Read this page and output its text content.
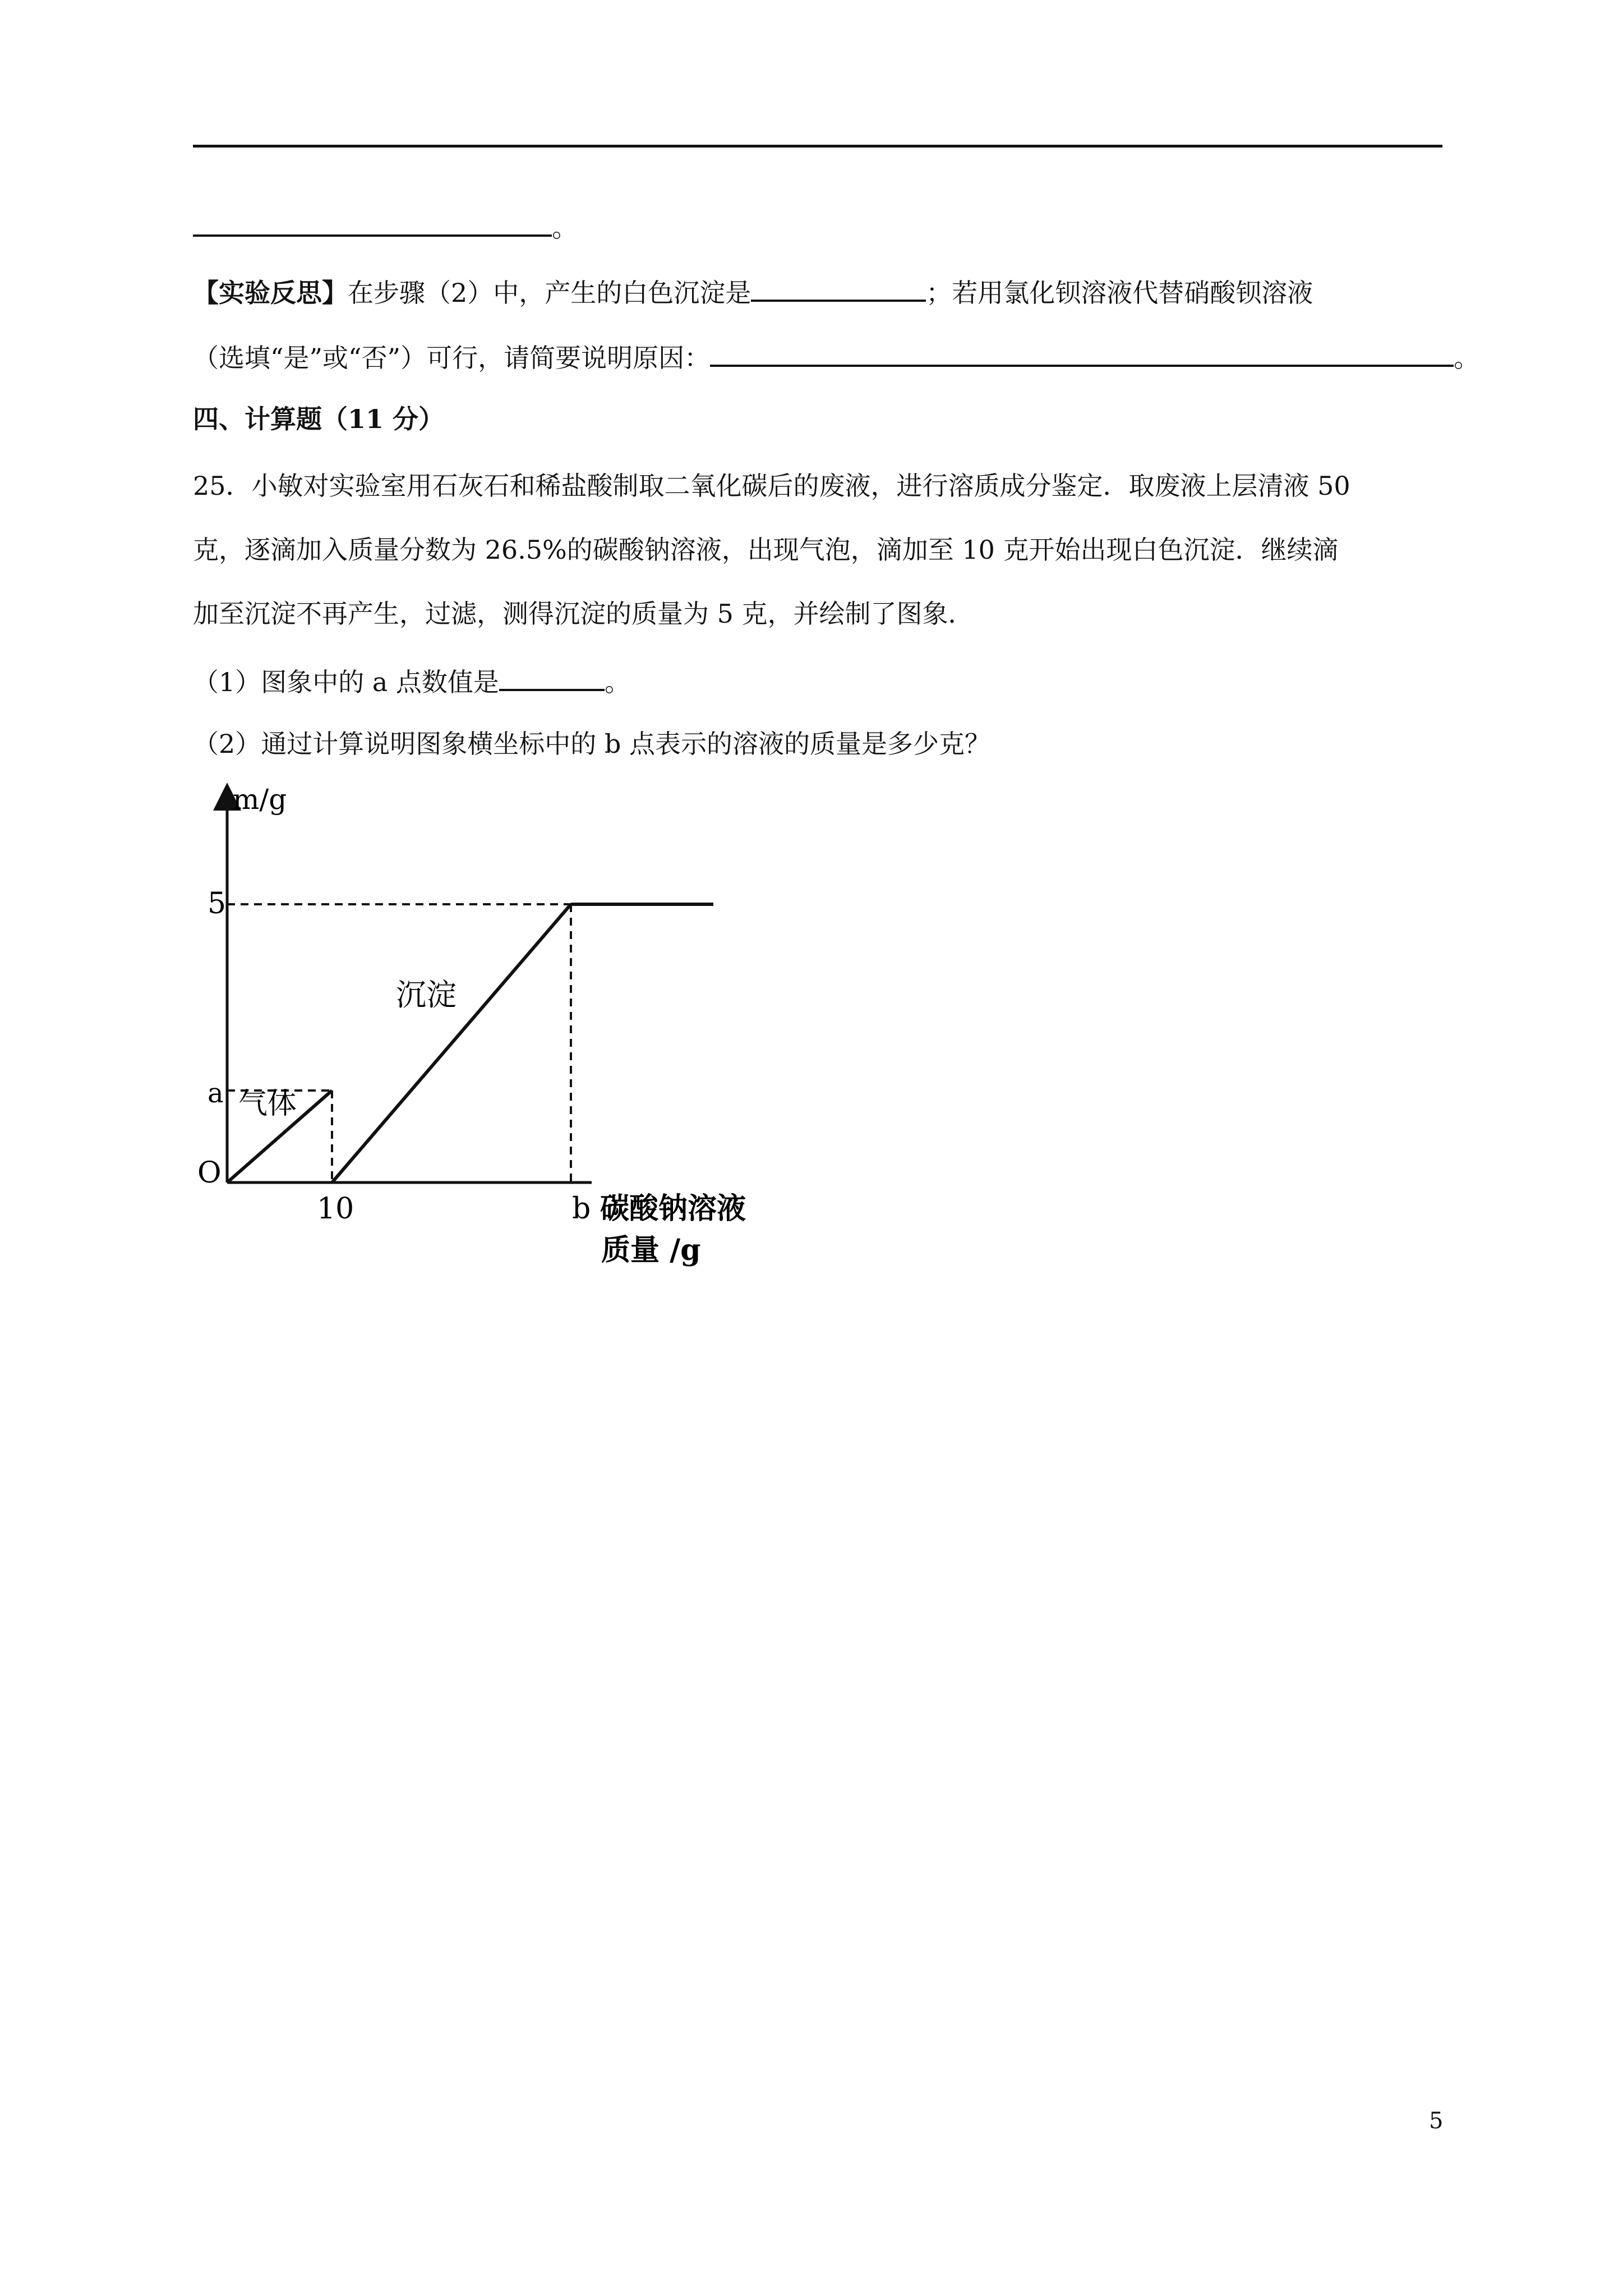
。
【实验反思】在步骤（2）中，产生的白色沉淀是	；若用氯化钡溶液代替硝酸钡溶液
（选填“是”或“否”）可行，请简要说明原因：	。
四、计算题（11 分）
25．小敏对实验室用石灰石和稀盐酸制取二氧化碳后的废液，进行溶质成分鉴定．取废液上层清液 50
克，逐滴加入质量分数为 26.5%的碳酸钠溶液，出现气泡，滴加至 10 克开始出现白色沉淀．继续滴
加至沉淀不再产生，过滤，测得沉淀的质量为 5 克，并绘制了图象．
（1）图象中的 a 点数值是	。
（2）通过计算说明图象横坐标中的 b 点表示的溶液的质量是多少克？
m/g
5
a
O
10	b 碳酸钠溶液
质量 /g
沉淀
气体
5
